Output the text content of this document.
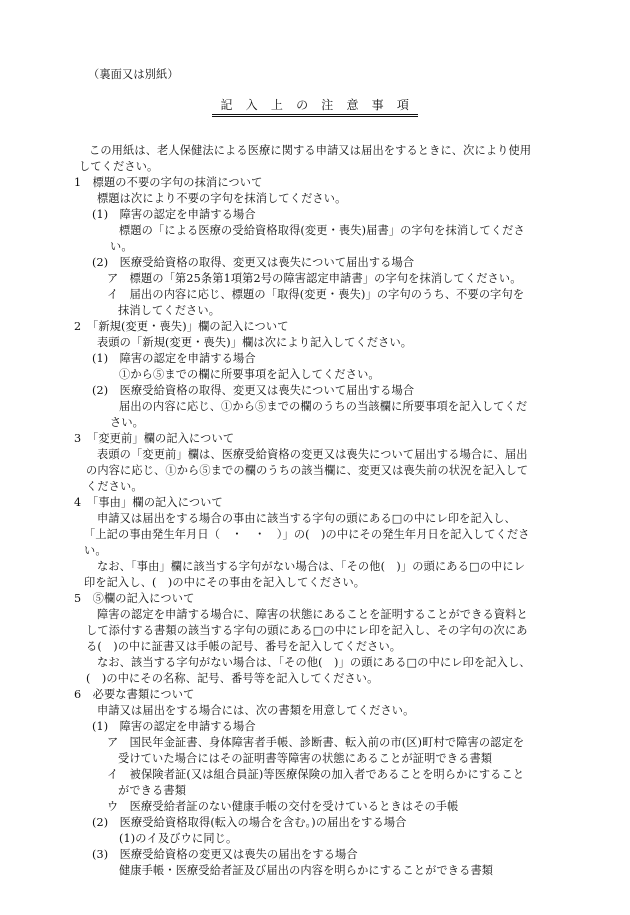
（裏面又は別紙）
記　入　上　の　注　意　事　項
この用紙は、老人保健法による医療に関する申請又は届出をするときに、次により使用
してください。
1　標題の不要の字句の抹消について
標題は次により不要の字句を抹消してください。
(1)　障害の認定を申請する場合
標題の「による医療の受給資格取得(変更・喪失)届書」の字句を抹消してくださ
い。
(2)　医療受給資格の取得、変更又は喪失について届出する場合
ア　標題の「第25条第1項第2号の障害認定申請書」の字句を抹消してください。
イ　届出の内容に応じ、標題の「取得(変更・喪失)」の字句のうち、不要の字句を
抹消してください。
2　「新規(変更・喪失)」欄の記入について
表頭の「新規(変更・喪失)」欄は次により記入してください。
(1)　障害の認定を申請する場合
①から⑤までの欄に所要事項を記入してください。
(2)　医療受給資格の取得、変更又は喪失について届出する場合
届出の内容に応じ、①から⑤までの欄のうちの当該欄に所要事項を記入してくだ
さい。
3　「変更前」欄の記入について
表頭の「変更前」欄は、医療受給資格の変更又は喪失について届出する場合に、届出
の内容に応じ、①から⑤までの欄のうちの該当欄に、変更又は喪失前の状況を記入して
ください。
4　「事由」欄の記入について
申請又は届出をする場合の事由に該当する字句の頭にある□の中にレ印を記入し、
「上記の事由発生年月日（　・　・　）」の(　)の中にその発生年月日を記入してくださ
い。
なお、「事由」欄に該当する字句がない場合は、「その他(　)」の頭にある□の中にレ
印を記入し、(　)の中にその事由を記入してください。
5　⑤欄の記入について
障害の認定を申請する場合に、障害の状態にあることを証明することができる資料と
して添付する書類の該当する字句の頭にある□の中にレ印を記入し、その字句の次にあ
る(　)の中に証書又は手帳の記号、番号を記入してください。
なお、該当する字句がない場合は、「その他(　)」の頭にある□の中にレ印を記入し、
(　)の中にその名称、記号、番号等を記入してください。
6　必要な書類について
申請又は届出をする場合には、次の書類を用意してください。
(1)　障害の認定を申請する場合
ア　国民年金証書、身体障害者手帳、診断書、転入前の市(区)町村で障害の認定を
受けていた場合にはその証明書等障害の状態にあることが証明できる書類
イ　被保険者証(又は組合員証)等医療保険の加入者であることを明らかにすること
ができる書類
ウ　医療受給者証のない健康手帳の交付を受けているときはその手帳
(2)　医療受給資格取得(転入の場合を含む。)の届出をする場合
(1)のイ及びウに同じ。
(3)　医療受給資格の変更又は喪失の届出をする場合
健康手帳・医療受給者証及び届出の内容を明らかにすることができる書類
